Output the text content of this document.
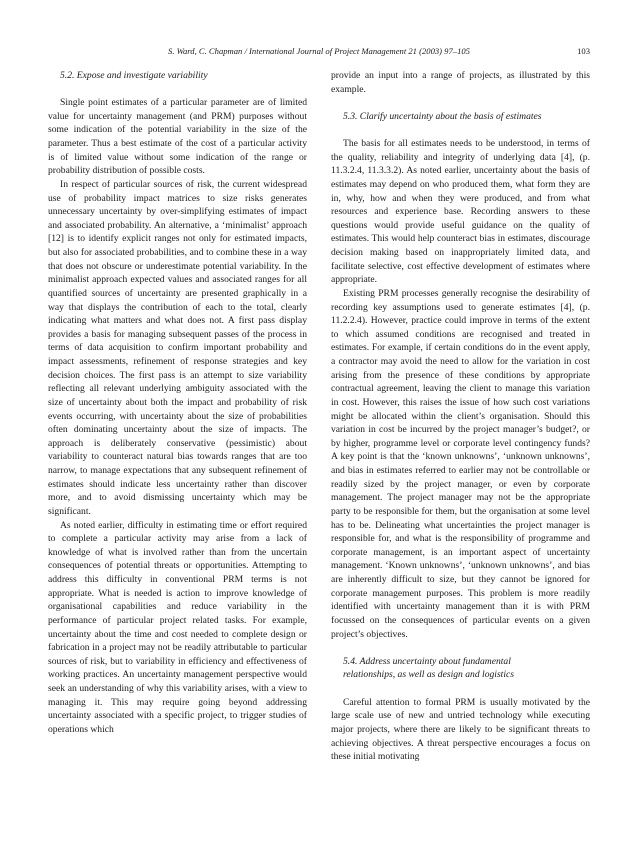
S. Ward, C. Chapman / International Journal of Project Management 21 (2003) 97–105	103

5.2. Expose and investigate variability

Single point estimates of a particular parameter are of limited value for uncertainty management (and PRM) purposes without some indication of the potential variability in the size of the parameter. Thus a best estimate of the cost of a particular activity is of limited value without some indication of the range or probability distribution of possible costs.

In respect of particular sources of risk, the current widespread use of probability impact matrices to size risks generates unnecessary uncertainty by over-simplifying estimates of impact and associated probability. An alternative, a ‘minimalist’ approach [12] is to identify explicit ranges not only for estimated impacts, but also for associated probabilities, and to combine these in a way that does not obscure or underestimate potential variability. In the minimalist approach expected values and associated ranges for all quantified sources of uncertainty are presented graphically in a way that displays the contribution of each to the total, clearly indicating what matters and what does not. A first pass display provides a basis for managing subsequent passes of the process in terms of data acquisition to confirm important probability and impact assessments, refinement of response strategies and key decision choices. The first pass is an attempt to size variability reflecting all relevant underlying ambiguity associated with the size of uncertainty about both the impact and probability of risk events occurring, with uncertainty about the size of probabilities often dominating uncertainty about the size of impacts. The approach is deliberately conservative (pessimistic) about variability to counteract natural bias towards ranges that are too narrow, to manage expectations that any subsequent refinement of estimates should indicate less uncertainty rather than discover more, and to avoid dismissing uncertainty which may be significant.

As noted earlier, difficulty in estimating time or effort required to complete a particular activity may arise from a lack of knowledge of what is involved rather than from the uncertain consequences of potential threats or opportunities. Attempting to address this difficulty in conventional PRM terms is not appropriate. What is needed is action to improve knowledge of organisational capabilities and reduce variability in the performance of particular project related tasks. For example, uncertainty about the time and cost needed to complete design or fabrication in a project may not be readily attributable to particular sources of risk, but to variability in efficiency and effectiveness of working practices. An uncertainty management perspective would seek an understanding of why this variability arises, with a view to managing it. This may require going beyond addressing uncertainty associated with a specific project, to trigger studies of operations which

provide an input into a range of projects, as illustrated by this example.

5.3. Clarify uncertainty about the basis of estimates

The basis for all estimates needs to be understood, in terms of the quality, reliability and integrity of underlying data [4], (p. 11.3.2.4, 11.3.3.2). As noted earlier, uncertainty about the basis of estimates may depend on who produced them, what form they are in, why, how and when they were produced, and from what resources and experience base. Recording answers to these questions would provide useful guidance on the quality of estimates. This would help counteract bias in estimates, discourage decision making based on inappropriately limited data, and facilitate selective, cost effective development of estimates where appropriate.

Existing PRM processes generally recognise the desirability of recording key assumptions used to generate estimates [4], (p. 11.2.2.4). However, practice could improve in terms of the extent to which assumed conditions are recognised and treated in estimates. For example, if certain conditions do in the event apply, a contractor may avoid the need to allow for the variation in cost arising from the presence of these conditions by appropriate contractual agreement, leaving the client to manage this variation in cost. However, this raises the issue of how such cost variations might be allocated within the client’s organisation. Should this variation in cost be incurred by the project manager’s budget?, or by higher, programme level or corporate level contingency funds? A key point is that the ‘known unknowns’, ‘unknown unknowns’, and bias in estimates referred to earlier may not be controllable or readily sized by the project manager, or even by corporate management. The project manager may not be the appropriate party to be responsible for them, but the organisation at some level has to be. Delineating what uncertainties the project manager is responsible for, and what is the responsibility of programme and corporate management, is an important aspect of uncertainty management. ‘Known unknowns’, ‘unknown unknowns’, and bias are inherently difficult to size, but they cannot be ignored for corporate management purposes. This problem is more readily identified with uncertainty management than it is with PRM focussed on the consequences of particular events on a given project’s objectives.

5.4. Address uncertainty about fundamental

relationships, as well as design and logistics

Careful attention to formal PRM is usually motivated by the large scale use of new and untried technology while executing major projects, where there are likely to be significant threats to achieving objectives. A threat perspective encourages a focus on these initial motivating
